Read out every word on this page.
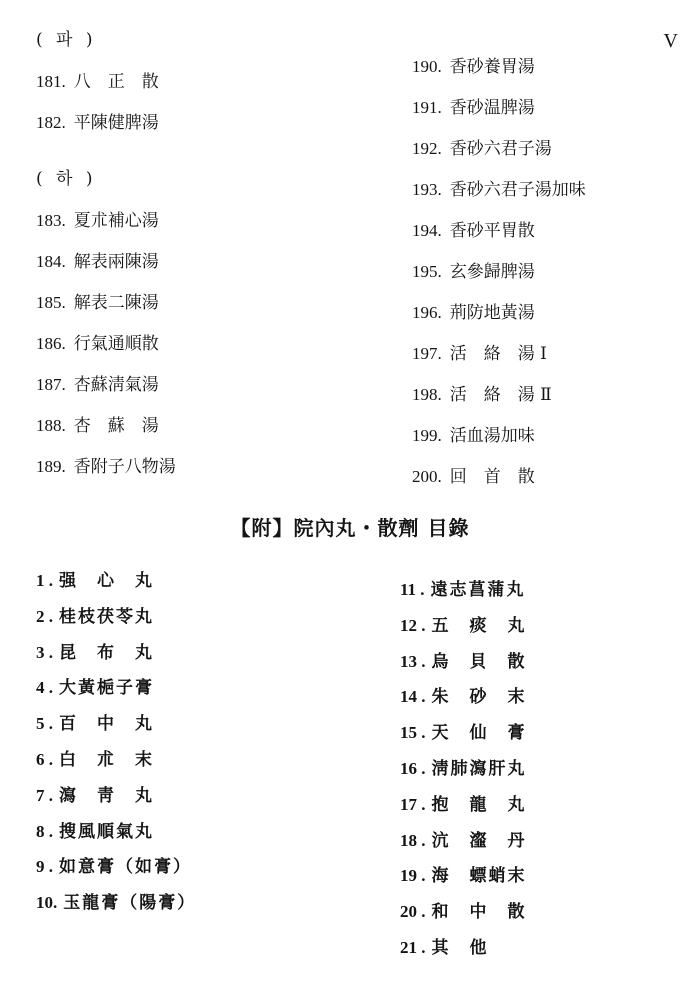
V
( 파 )
181. 八　正　散
182. 平陳健脾湯
( 하 )
183. 夏朮補心湯
184. 解表兩陳湯
185. 解表二陳湯
186. 行氣通順散
187. 杏蘇淸氣湯
188. 杏　蘇　湯
189. 香附子八物湯
190. 香砂養胃湯
191. 香砂温脾湯
192. 香砂六君子湯
193. 香砂六君子湯加味
194. 香砂平胃散
195. 玄參歸脾湯
196. 荊防地黃湯
197. 活　絡　湯 Ⅰ
198. 活　絡　湯 Ⅱ
199. 活血湯加味
200. 回　首　散
【附】院內丸・散劑 目錄
1 . 强　心　丸
2 . 桂枝茯苓丸
3 . 昆　布　丸
4 . 大黃梔子膏
5 . 百　中　丸
6 . 白　朮　末
7 . 瀉　靑　丸
8 . 搜風順氣丸
9 . 如意膏（如膏）
10. 玉龍膏（陽膏）
11 . 遠志菖蒲丸
12 . 五　痰　丸
13 . 烏　貝　散
14 . 朱　砂　末
15 . 天　仙　膏
16 . 淸肺瀉肝丸
17 . 抱　龍　丸
18 . 沆　瀣　丹
19 . 海　螵蛸末
20 . 和　中　散
21 . 其　他
